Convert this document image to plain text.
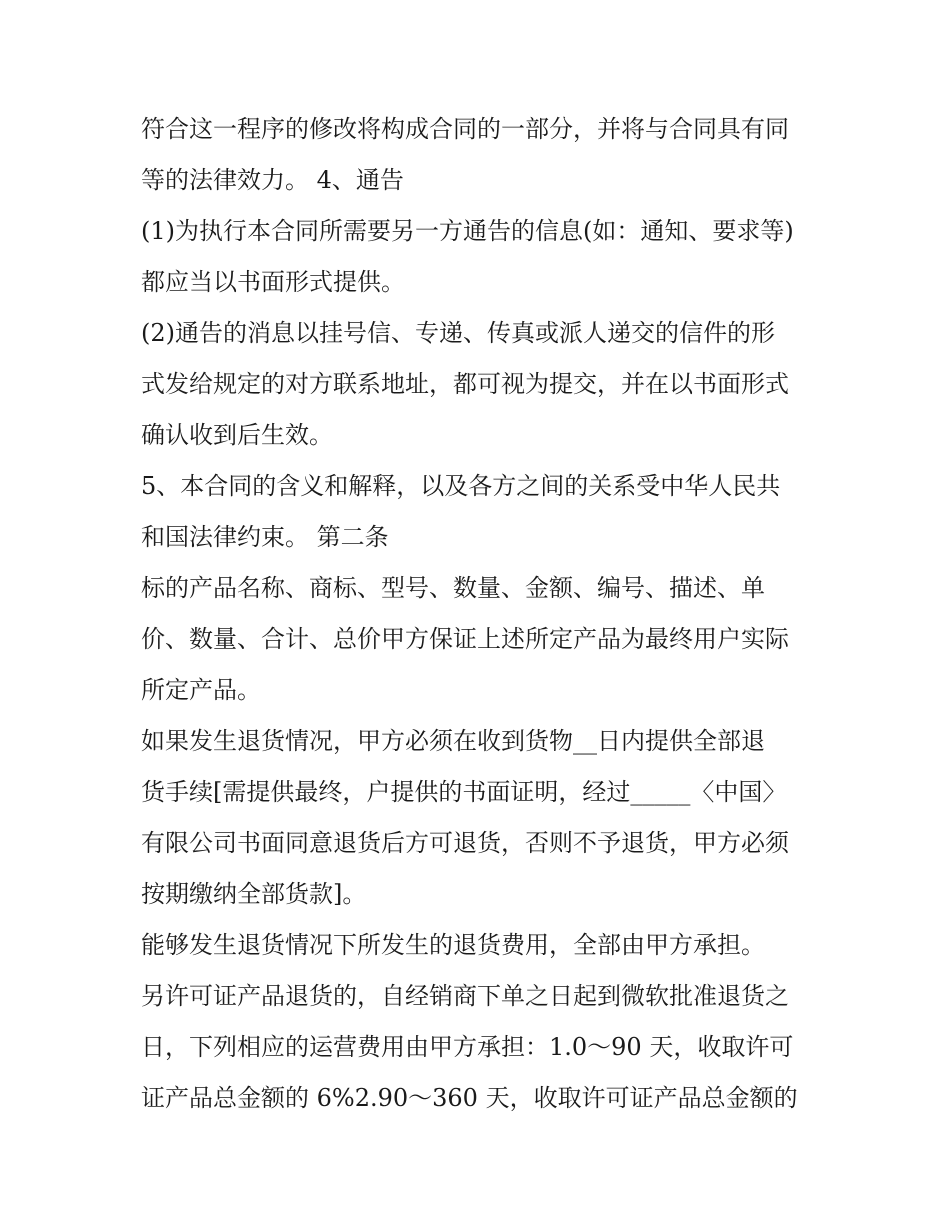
符合这一程序的修改将构成合同的一部分，并将与合同具有同
等的法律效力。 4、通告
(1)为执行本合同所需要另一方通告的信息(如：通知、要求等)
都应当以书面形式提供。
(2)通告的消息以挂号信、专递、传真或派人递交的信件的形
式发给规定的对方联系地址，都可视为提交，并在以书面形式
确认收到后生效。
5、本合同的含义和解释，以及各方之间的关系受中华人民共
和国法律约束。 第二条
标的产品名称、商标、型号、数量、金额、编号、描述、单
价、数量、合计、总价甲方保证上述所定产品为最终用户实际
所定产品。
如果发生退货情况，甲方必须在收到货物__日内提供全部退
货手续[需提供最终，户提供的书面证明，经过_____〈中国〉
有限公司书面同意退货后方可退货，否则不予退货，甲方必须
按期缴纳全部货款]。
能够发生退货情况下所发生的退货费用，全部由甲方承担。
另许可证产品退货的，自经销商下单之日起到微软批准退货之
日，下列相应的运营费用由甲方承担：1.0～90 天，收取许可
证产品总金额的 6%2.90～360 天，收取许可证产品总金额的
